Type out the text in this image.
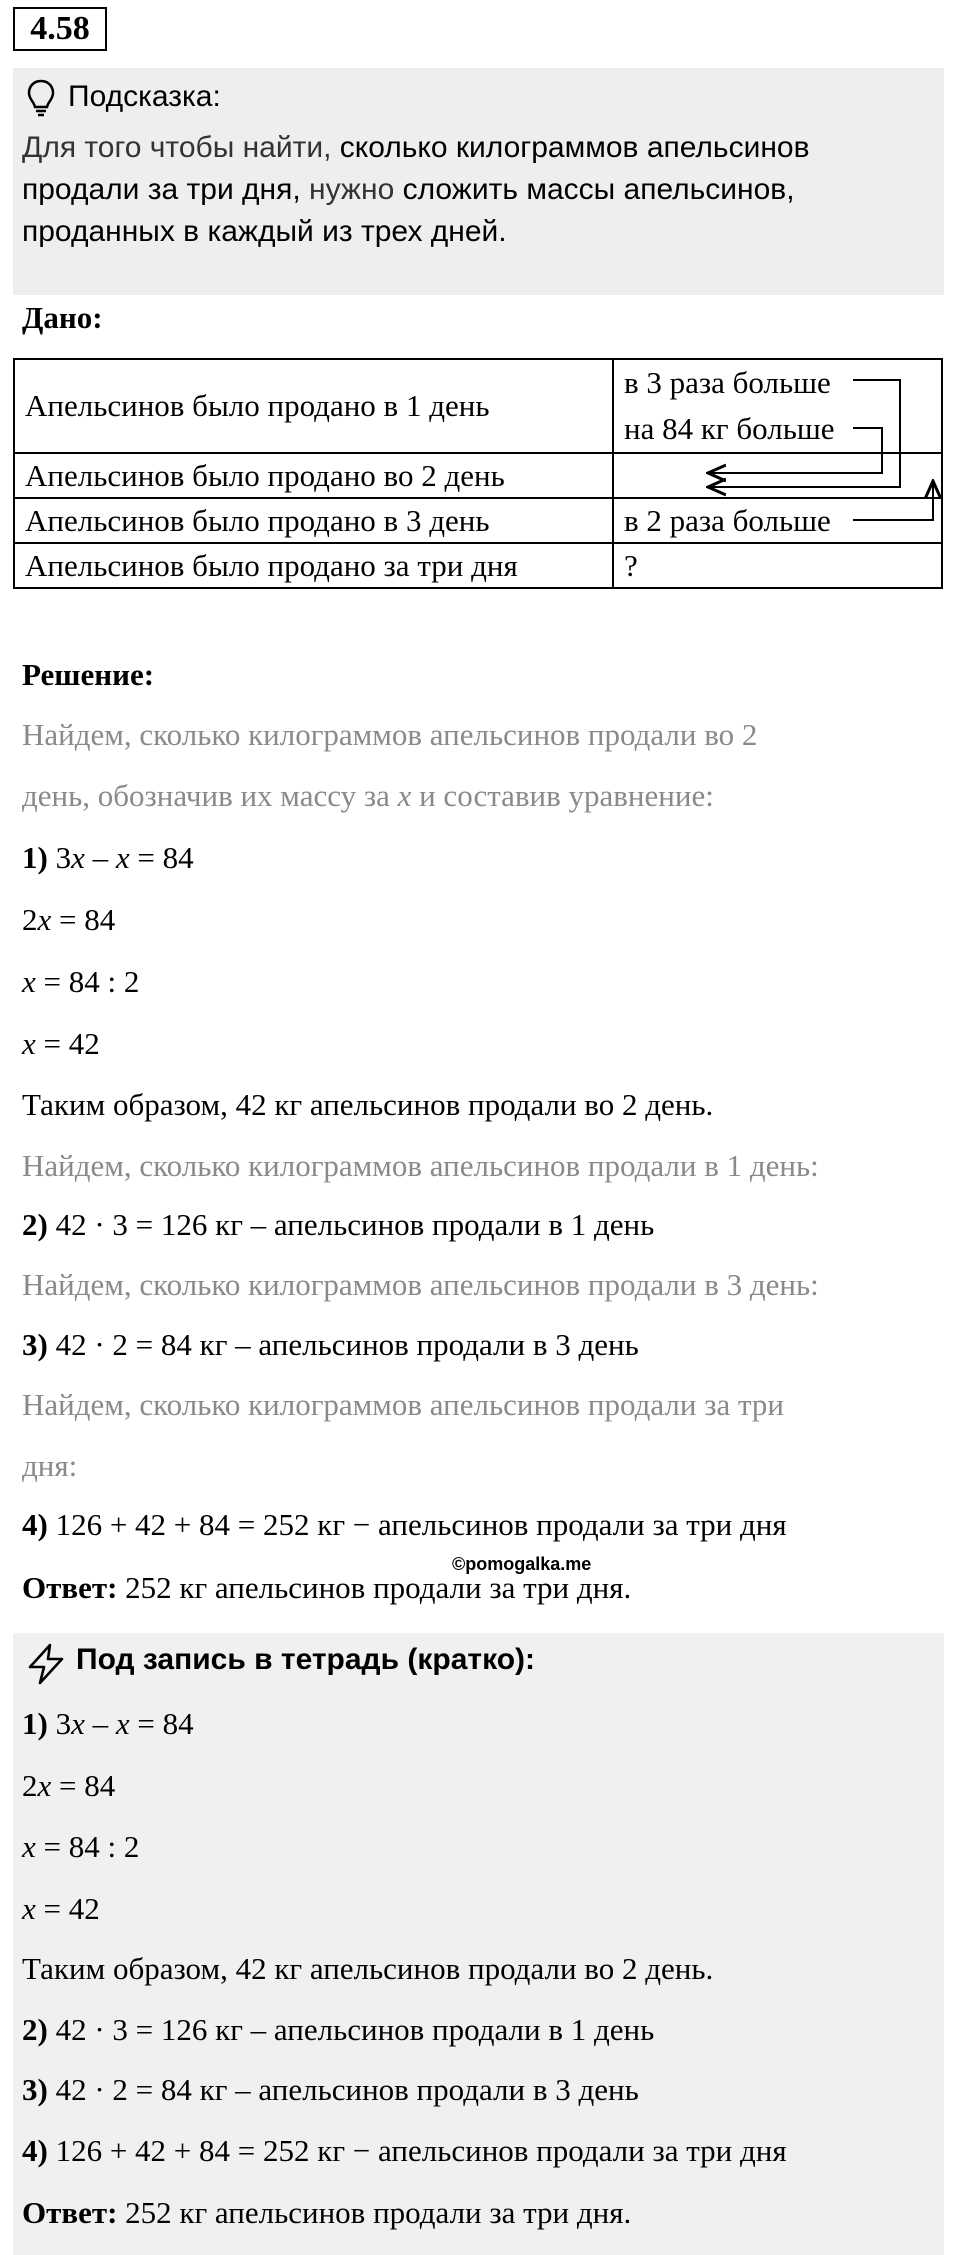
4.58
Подсказка:
Для того чтобы найти, сколько килограммов апельсинов продали за три дня, нужно сложить массы апельсинов, проданных в каждый из трех дней.
Дано:
Апельсинов было продано в 1 день	в 3 раза больше
на 84 кг больше

Апельсинов было продано во 2 день	
Апельсинов было продано в 3 день	в 2 раза больше
Апельсинов было продано за три дня	?
Решение:
Найдем, сколько килограммов апельсинов продали во 2
день, обозначив их массу за x и составив уравнение:
1) 3x – x = 84
2x = 84
x = 84 : 2
x = 42
Таким образом, 42 кг апельсинов продали во 2 день.
Найдем, сколько килограммов апельсинов продали в 1 день:
2) 42 · 3 = 126 кг – апельсинов продали в 1 день
Найдем, сколько килограммов апельсинов продали в 3 день:
3) 42 · 2 = 84 кг – апельсинов продали в 3 день
Найдем, сколько килограммов апельсинов продали за три
дня:
4) 126 + 42 + 84 = 252 кг − апельсинов продали за три дня
©pomogalka.me
Ответ: 252 кг апельсинов продали за три дня.
Под запись в тетрадь (кратко):
1) 3x – x = 84
2x = 84
x = 84 : 2
x = 42
Таким образом, 42 кг апельсинов продали во 2 день.
2) 42 · 3 = 126 кг – апельсинов продали в 1 день
3) 42 · 2 = 84 кг – апельсинов продали в 3 день
4) 126 + 42 + 84 = 252 кг − апельсинов продали за три дня
Ответ: 252 кг апельсинов продали за три дня.
